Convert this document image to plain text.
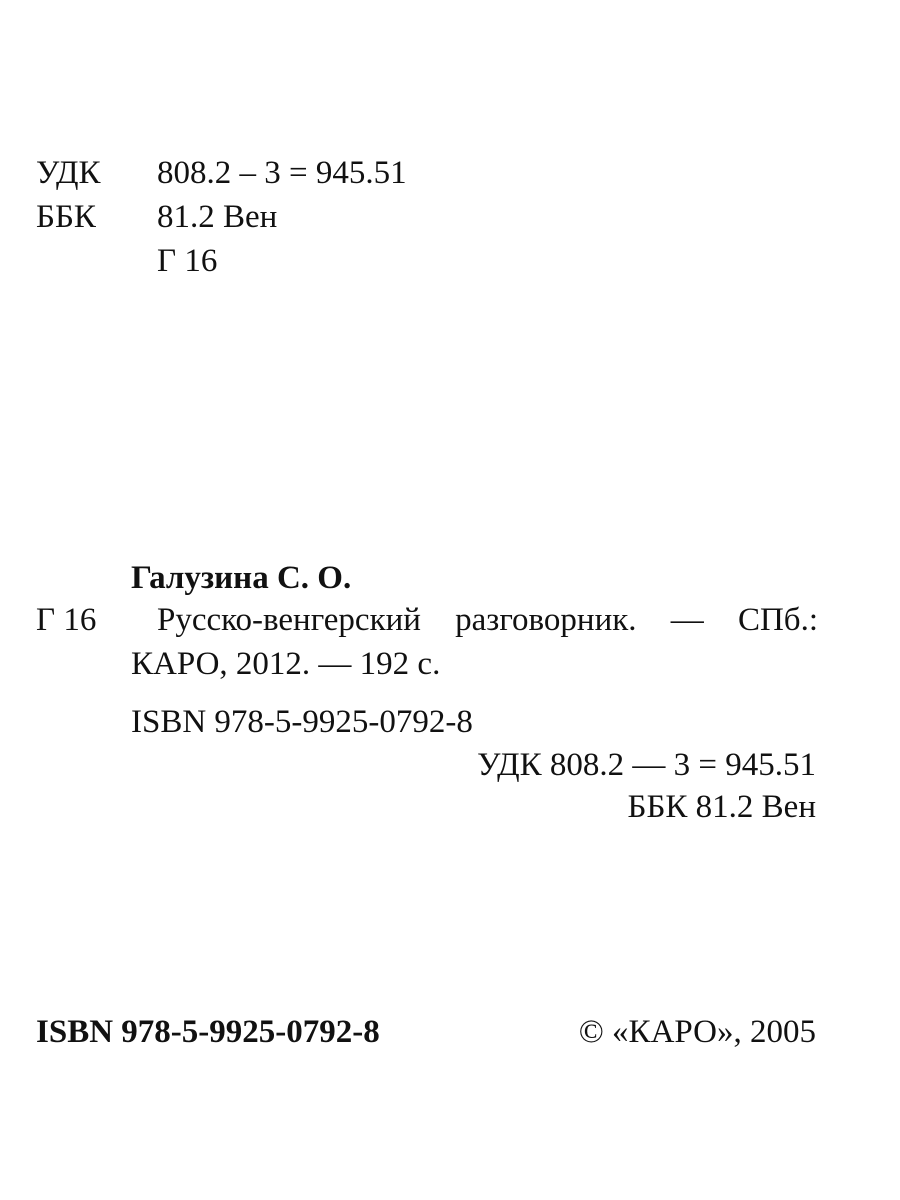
УДК 808.2 – 3 = 945.51

ББК 81.2 Вен

Г 16

Галузина С. О.

Г 16 Русско-венгерский разговорник. — СПб.:

КАРО, 2012. — 192 с.

ISBN 978-5-9925-0792-8

УДК 808.2 — 3 = 945.51

ББК 81.2 Вен

ISBN 978-5-9925-0792-8	© «КАРО», 2005
